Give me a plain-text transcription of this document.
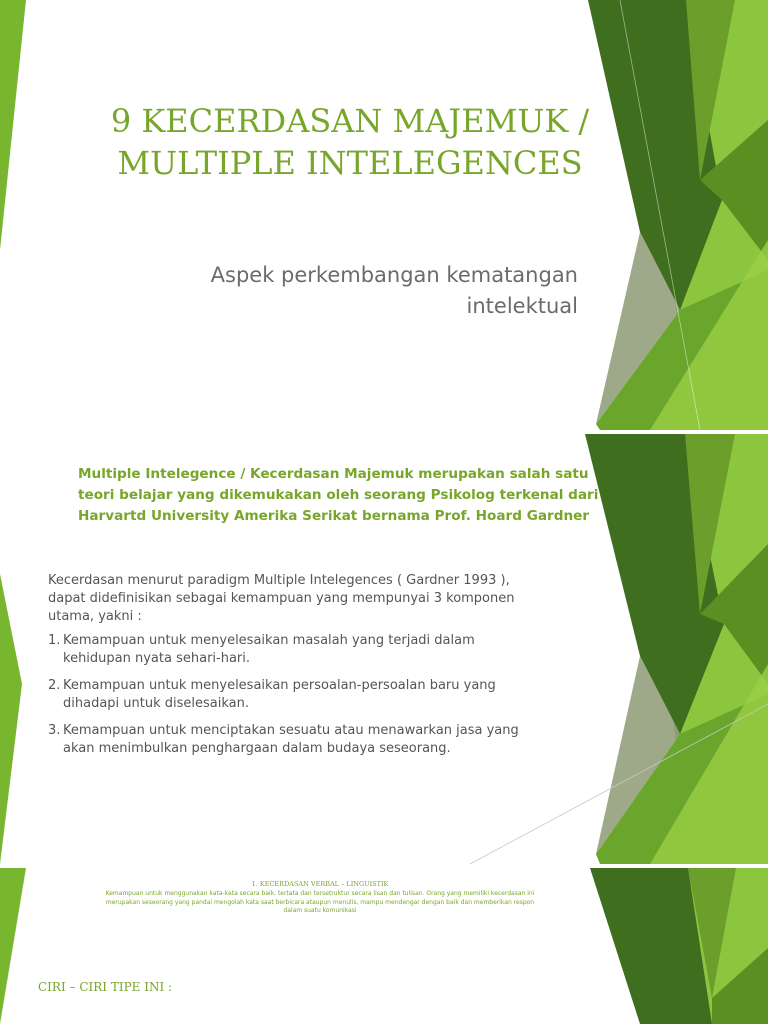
9 KECERDASAN MAJEMUK /
MULTIPLE INTELEGENCES
Aspek perkembangan kematangan
intelektual
Multiple Intelegence / Kecerdasan Majemuk merupakan salah satu
teori belajar yang dikemukakan oleh seorang Psikolog terkenal dari
Harvartd University Amerika Serikat bernama Prof. Hoard Gardner

Kecerdasan menurut paradigm Multiple Intelegences ( Gardner 1993 ),

dapat didefinisikan sebagai kemampuan yang mempunyai 3 komponen

utama, yakni :

1. Kemampuan untuk menyelesaikan masalah yang terjadi dalam
kehidupan nyata sehari-hari.
2. Kemampuan untuk menyelesaikan persoalan-persoalan baru yang
dihadapi untuk diselesaikan.
3. Kemampuan untuk menciptakan sesuatu atau menawarkan jasa yang
akan menimbulkan penghargaan dalam budaya seseorang.
1. KECERDASAN VERBAL – LINGUISTIK
Kemampuan untuk menggunakan kata-kata secara baik, tertata dan tersetruktur secara lisan dan tulisan. Orang yang memiliki kecerdasan ini
merupakan seseorang yang pandai mengolah kata saat berbicara ataupun menulis, mampu mendengar dengan baik dan memberikan respon
dalam suatu komunikasi
CIRI – CIRI TIPE INI :
